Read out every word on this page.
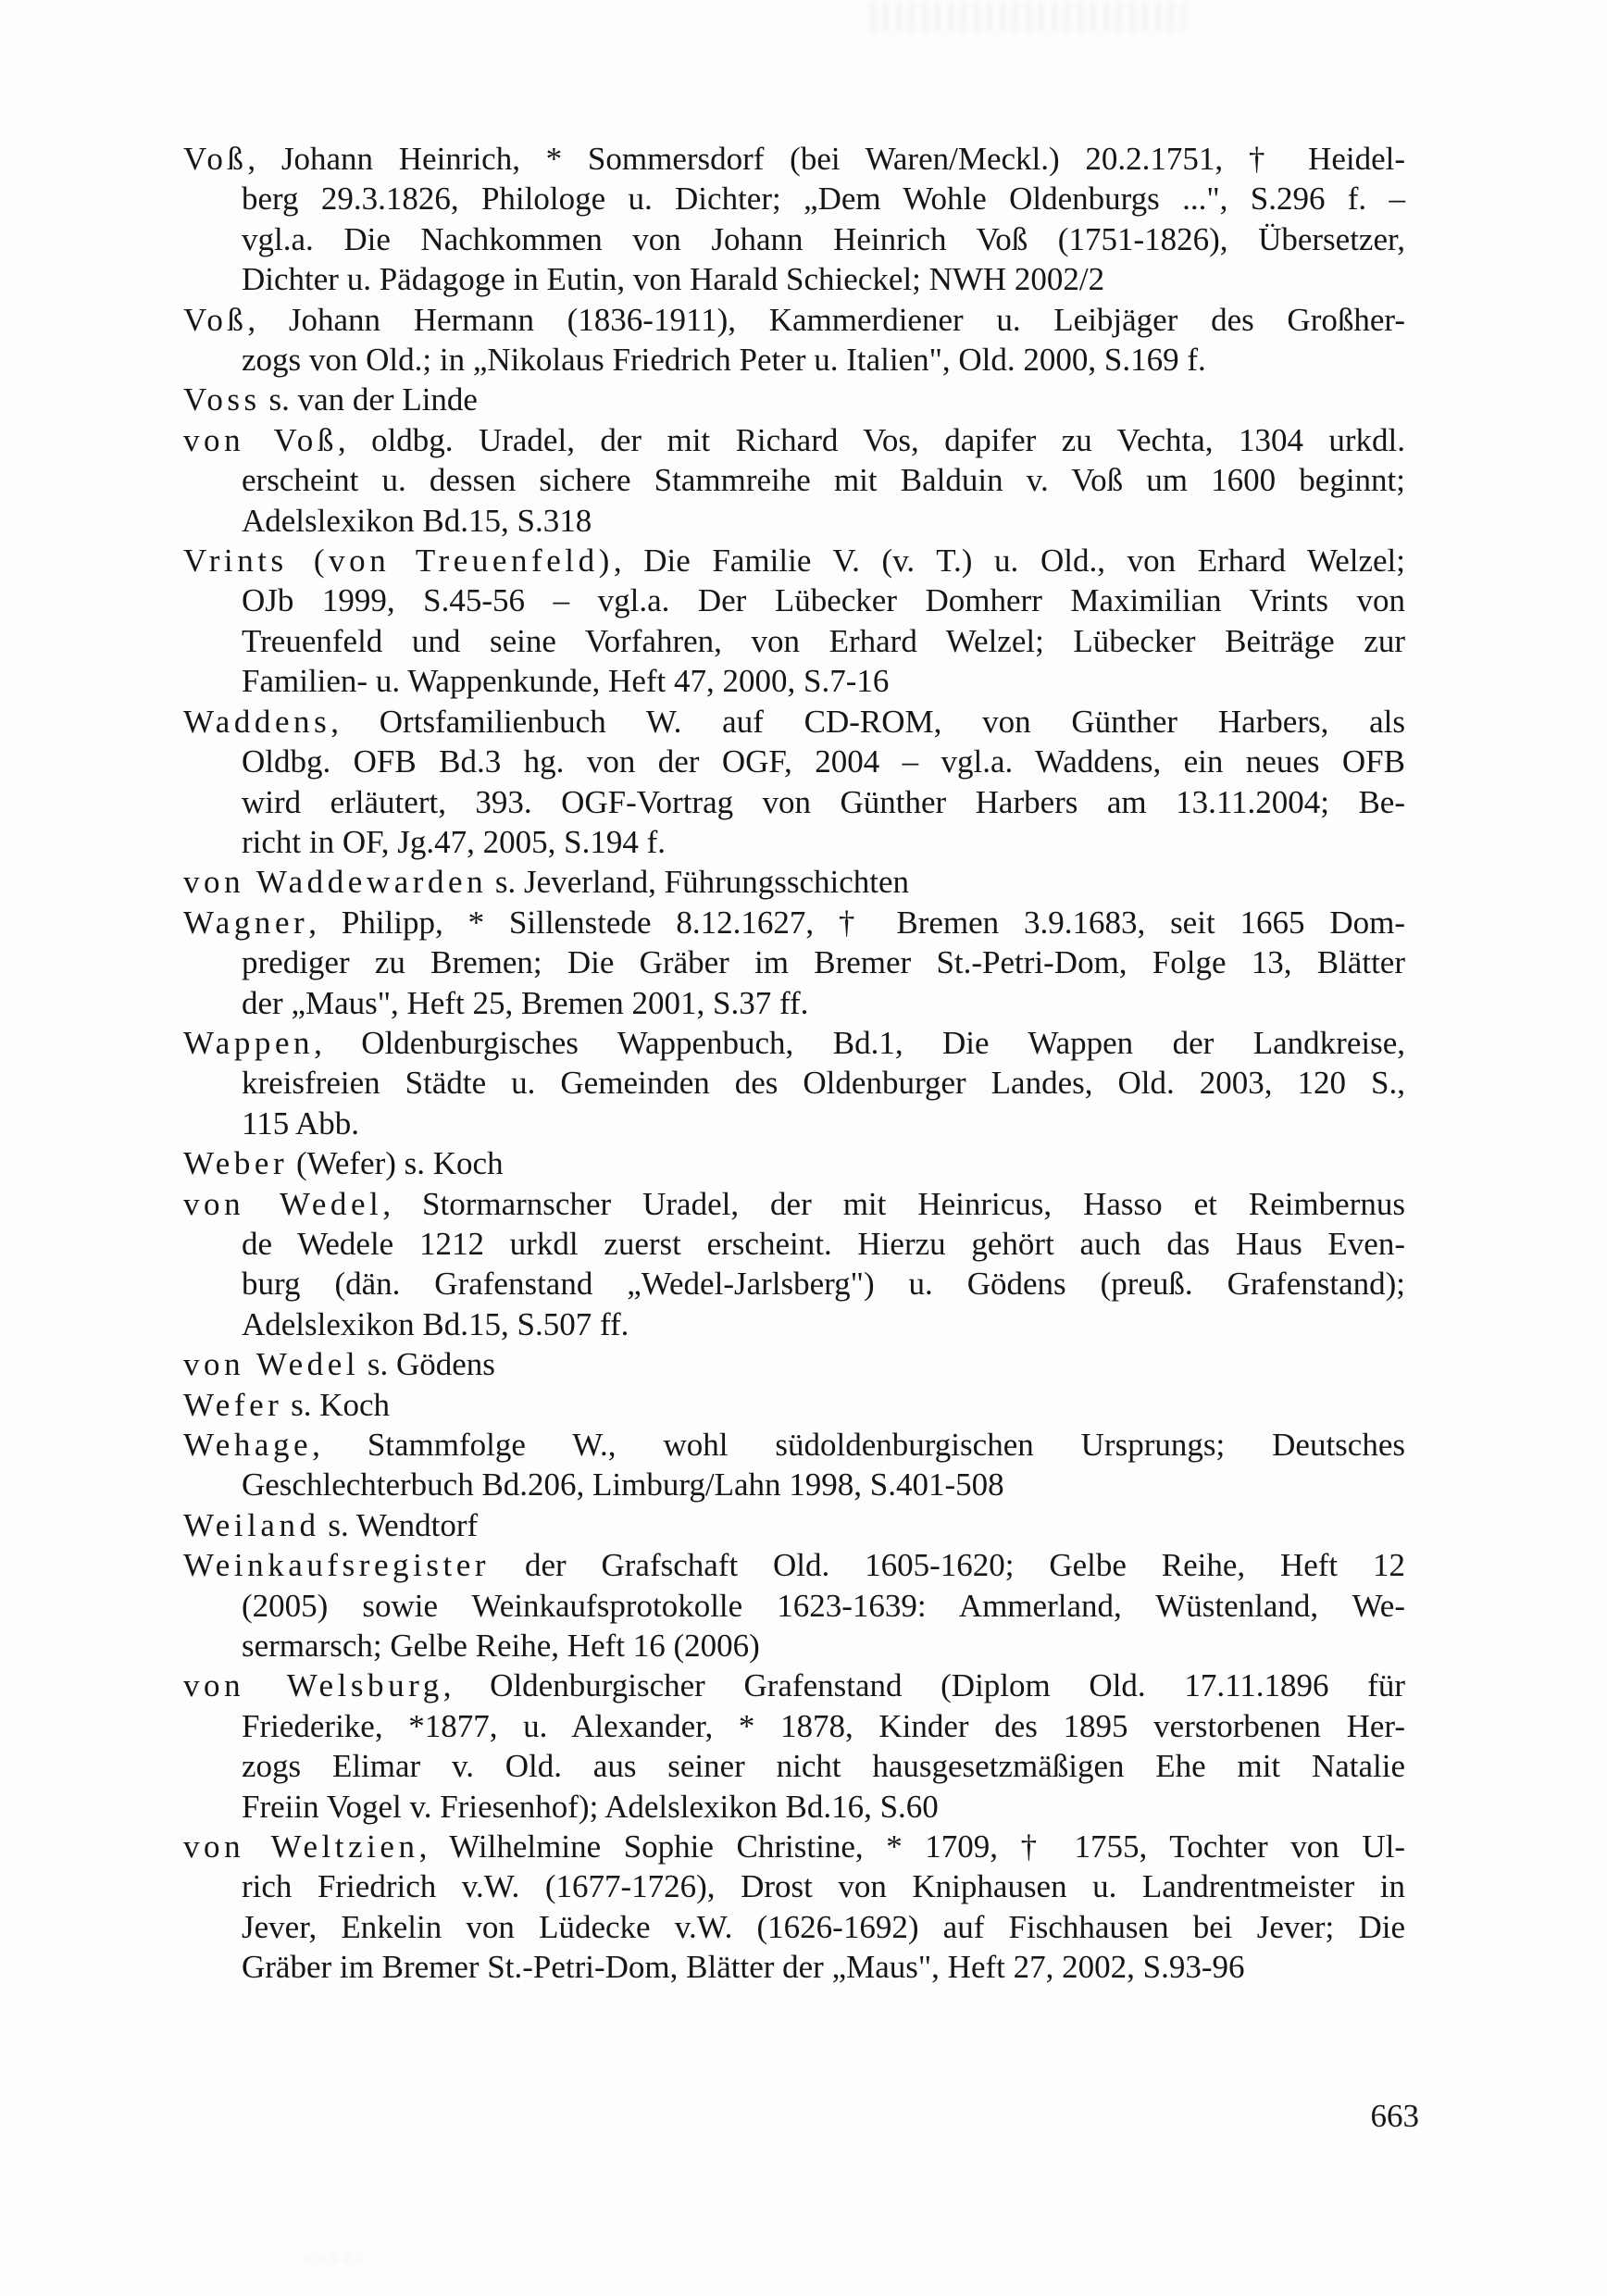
Voß, Johann Heinrich, * Sommersdorf (bei Waren/Meckl.) 20.2.1751, † Heidel-
berg 29.3.1826, Philologe u. Dichter; „Dem Wohle Oldenburgs ...", S.296 f. –
vgl.a. Die Nachkommen von Johann Heinrich Voß (1751-1826), Übersetzer,
Dichter u. Pädagoge in Eutin, von Harald Schieckel; NWH 2002/2
Voß, Johann Hermann (1836-1911), Kammerdiener u. Leibjäger des Großher-
zogs von Old.; in „Nikolaus Friedrich Peter u. Italien", Old. 2000, S.169 f.
Voss s. van der Linde
von Voß, oldbg. Uradel, der mit Richard Vos, dapifer zu Vechta, 1304 urkdl.
erscheint u. dessen sichere Stammreihe mit Balduin v. Voß um 1600 beginnt;
Adelslexikon Bd.15, S.318
Vrints (von Treuenfeld), Die Familie V. (v. T.) u. Old., von Erhard Welzel;
OJb 1999, S.45-56 – vgl.a. Der Lübecker Domherr Maximilian Vrints von
Treuenfeld und seine Vorfahren, von Erhard Welzel; Lübecker Beiträge zur
Familien- u. Wappenkunde, Heft 47, 2000, S.7-16
Waddens, Ortsfamilienbuch W. auf CD-ROM, von Günther Harbers, als
Oldbg. OFB Bd.3 hg. von der OGF, 2004 – vgl.a. Waddens, ein neues OFB
wird erläutert, 393. OGF-Vortrag von Günther Harbers am 13.11.2004; Be-
richt in OF, Jg.47, 2005, S.194 f.
von Waddewarden s. Jeverland, Führungsschichten
Wagner, Philipp, * Sillenstede 8.12.1627, † Bremen 3.9.1683, seit 1665 Dom-
prediger zu Bremen; Die Gräber im Bremer St.-Petri-Dom, Folge 13, Blätter
der „Maus", Heft 25, Bremen 2001, S.37 ff.
Wappen, Oldenburgisches Wappenbuch, Bd.1, Die Wappen der Landkreise,
kreisfreien Städte u. Gemeinden des Oldenburger Landes, Old. 2003, 120 S.,
115 Abb.
Weber (Wefer) s. Koch
von Wedel, Stormarnscher Uradel, der mit Heinricus, Hasso et Reimbernus
de Wedele 1212 urkdl zuerst erscheint. Hierzu gehört auch das Haus Even-
burg (dän. Grafenstand „Wedel-Jarlsberg") u. Gödens (preuß. Grafenstand);
Adelslexikon Bd.15, S.507 ff.
von Wedel s. Gödens
Wefer s. Koch
Wehage, Stammfolge W., wohl südoldenburgischen Ursprungs; Deutsches
Geschlechterbuch Bd.206, Limburg/Lahn 1998, S.401-508
Weiland s. Wendtorf
Weinkaufsregister der Grafschaft Old. 1605-1620; Gelbe Reihe, Heft 12
(2005) sowie Weinkaufsprotokolle 1623-1639: Ammerland, Wüstenland, We-
sermarsch; Gelbe Reihe, Heft 16 (2006)
von Welsburg, Oldenburgischer Grafenstand (Diplom Old. 17.11.1896 für
Friederike, *1877, u. Alexander, * 1878, Kinder des 1895 verstorbenen Her-
zogs Elimar v. Old. aus seiner nicht hausgesetzmäßigen Ehe mit Natalie
Freiin Vogel v. Friesenhof); Adelslexikon Bd.16, S.60
von Weltzien, Wilhelmine Sophie Christine, * 1709, † 1755, Tochter von Ul-
rich Friedrich v.W. (1677-1726), Drost von Kniphausen u. Landrentmeister in
Jever, Enkelin von Lüdecke v.W. (1626-1692) auf Fischhausen bei Jever; Die
Gräber im Bremer St.-Petri-Dom, Blätter der „Maus", Heft 27, 2002, S.93-96
663
